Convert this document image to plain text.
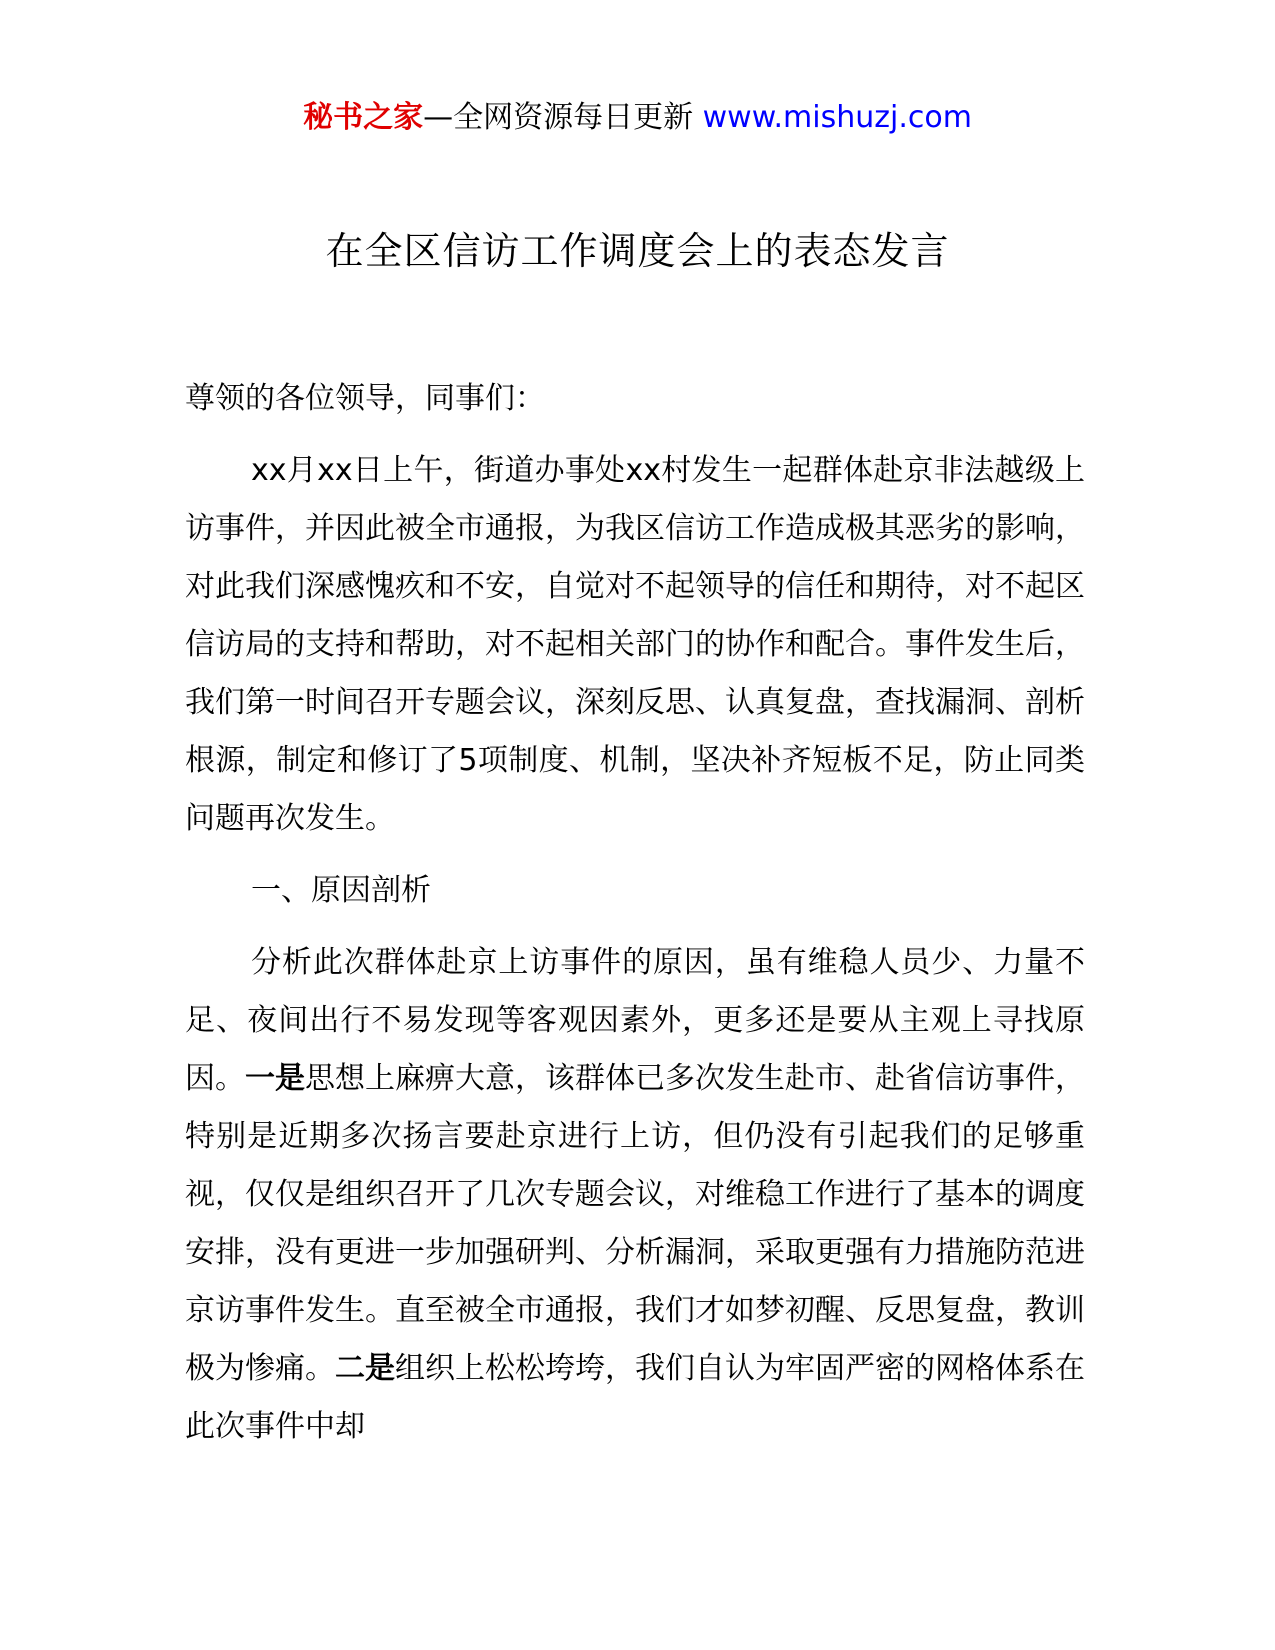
秘书之家—全网资源每日更新 www.mishuzj.com
在全区信访工作调度会上的表态发言

尊领的各位领导，同事们：

xx月xx日上午，街道办事处xx村发生一起群体赴京非法越级上访事件，并因此被全市通报，为我区信访工作造成极其恶劣的影响，对此我们深感愧疚和不安，自觉对不起领导的信任和期待，对不起区信访局的支持和帮助，对不起相关部门的协作和配合。事件发生后，我们第一时间召开专题会议，深刻反思、认真复盘，查找漏洞、剖析根源，制定和修订了5项制度、机制，坚决补齐短板不足，防止同类问题再次发生。

一、原因剖析

分析此次群体赴京上访事件的原因，虽有维稳人员少、力量不足、夜间出行不易发现等客观因素外，更多还是要从主观上寻找原因。一是思想上麻痹大意，该群体已多次发生赴市、赴省信访事件，特别是近期多次扬言要赴京进行上访，但仍没有引起我们的足够重视，仅仅是组织召开了几次专题会议，对维稳工作进行了基本的调度安排，没有更进一步加强研判、分析漏洞，采取更强有力措施防范进京访事件发生。直至被全市通报，我们才如梦初醒、反思复盘，教训极为惨痛。二是组织上松松垮垮，我们自认为牢固严密的网格体系在此次事件中却
